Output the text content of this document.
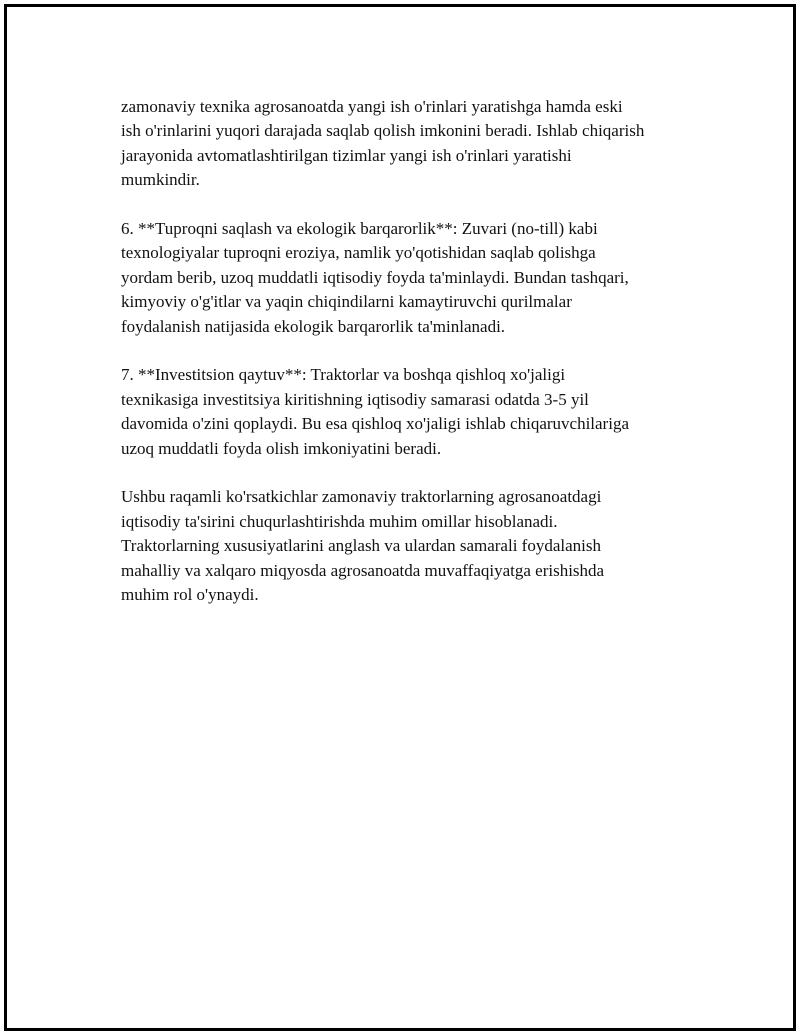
zamonaviy texnika agrosanoatda yangi ish o'rinlari yaratishga hamda eski
ish o'rinlarini yuqori darajada saqlab qolish imkonini beradi. Ishlab chiqarish
jarayonida avtomatlashtirilgan tizimlar yangi ish o'rinlari yaratishi
mumkindir.

6. **Tuproqni saqlash va ekologik barqarorlik**: Zuvari (no-till) kabi
texnologiyalar tuproqni eroziya, namlik yo'qotishidan saqlab qolishga
yordam berib, uzoq muddatli iqtisodiy foyda ta'minlaydi. Bundan tashqari,
kimyoviy o'g'itlar va yaqin chiqindilarni kamaytiruvchi qurilmalar
foydalanish natijasida ekologik barqarorlik ta'minlanadi.

7. **Investitsion qaytuv**: Traktorlar va boshqa qishloq xo'jaligi
texnikasiga investitsiya kiritishning iqtisodiy samarasi odatda 3-5 yil
davomida o'zini qoplaydi. Bu esa qishloq xo'jaligi ishlab chiqaruvchilariga
uzoq muddatli foyda olish imkoniyatini beradi.

Ushbu raqamli ko'rsatkichlar zamonaviy traktorlarning agrosanoatdagi
iqtisodiy ta'sirini chuqurlashtirishda muhim omillar hisoblanadi.
Traktorlarning xususiyatlarini anglash va ulardan samarali foydalanish
mahalliy va xalqaro miqyosda agrosanoatda muvaffaqiyatga erishishda
muhim rol o'ynaydi.
